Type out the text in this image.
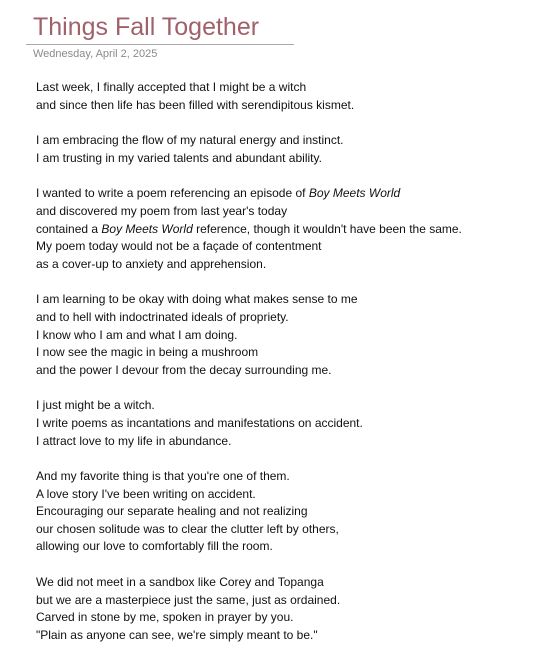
Things Fall Together
Wednesday, April 2, 2025
Last week, I finally accepted that I might be a witch
and since then life has been filled with serendipitous kismet.
I am embracing the flow of my natural energy and instinct.
I am trusting in my varied talents and abundant ability.
I wanted to write a poem referencing an episode of Boy Meets World
and discovered my poem from last year's today
contained a Boy Meets World reference, though it wouldn't have been the same.
My poem today would not be a façade of contentment
as a cover-up to anxiety and apprehension.
I am learning to be okay with doing what makes sense to me
and to hell with indoctrinated ideals of propriety.
I know who I am and what I am doing.
I now see the magic in being a mushroom
and the power I devour from the decay surrounding me.
I just might be a witch.
I write poems as incantations and manifestations on accident.
I attract love to my life in abundance.
And my favorite thing is that you're one of them.
A love story I've been writing on accident.
Encouraging our separate healing and not realizing
our chosen solitude was to clear the clutter left by others,
allowing our love to comfortably fill the room.
We did not meet in a sandbox like Corey and Topanga
but we are a masterpiece just the same, just as ordained.
Carved in stone by me, spoken in prayer by you.
"Plain as anyone can see, we're simply meant to be."
